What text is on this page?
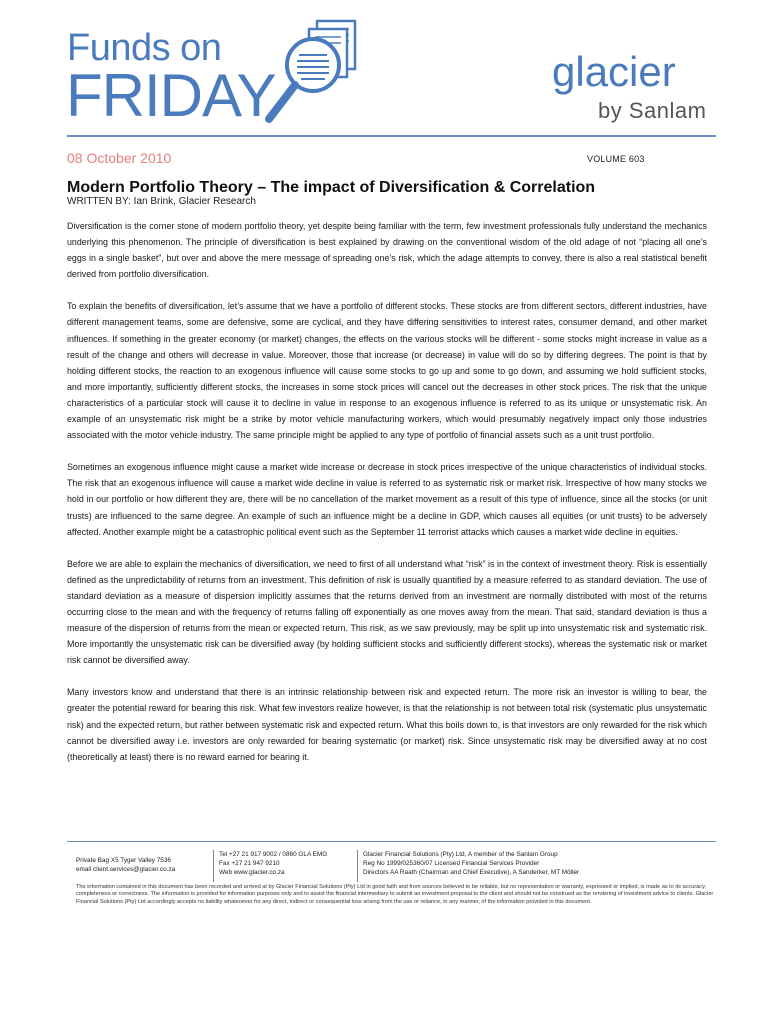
Funds on
FRIDAY	glacier
by Sanlam
08 October 2010	VOLUME 603
Modern Portfolio Theory – The impact of Diversification & Correlation
WRITTEN BY: Ian Brink, Glacier Research

Diversification is the corner stone of modern portfolio theory, yet despite being familiar with the term, few investment professionals fully understand the mechanics underlying this phenomenon. The principle of diversification is best explained by drawing on the conventional wisdom of the old adage of not “placing all one’s eggs in a single basket”, but over and above the mere message of spreading one’s risk, which the adage attempts to convey, there is also a real statistical benefit derived from portfolio diversification.

To explain the benefits of diversification, let’s assume that we have a portfolio of different stocks. These stocks are from different sectors, different industries, have different management teams, some are defensive, some are cyclical, and they have differing sensitivities to interest rates, consumer demand, and other market influences. If something in the greater economy (or market) changes, the effects on the various stocks will be different - some stocks might increase in value as a result of the change and others will decrease in value. Moreover, those that increase (or decrease) in value will do so by differing degrees. The point is that by holding different stocks, the reaction to an exogenous influence will cause some stocks to go up and some to go down, and assuming we hold sufficient stocks, and more importantly, sufficiently different stocks, the increases in some stock prices will cancel out the decreases in other stock prices. The risk that the unique characteristics of a particular stock will cause it to decline in value in response to an exogenous influence is referred to as its unique or unsystematic risk. An example of an unsystematic risk might be a strike by motor vehicle manufacturing workers, which would presumably negatively impact only those industries associated with the motor vehicle industry. The same principle might be applied to any type of portfolio of financial assets such as a unit trust portfolio.

Sometimes an exogenous influence might cause a market wide increase or decrease in stock prices irrespective of the unique characteristics of individual stocks. The risk that an exogenous influence will cause a market wide decline in value is referred to as systematic risk or market risk. Irrespective of how many stocks we hold in our portfolio or how different they are, there will be no cancellation of the market movement as a result of this type of influence, since all the stocks (or unit trusts) are influenced to the same degree. An example of such an influence might be a decline in GDP, which causes all equities (or unit trusts) to be adversely affected. Another example might be a catastrophic political event such as the September 11 terrorist attacks which causes a market wide decline in equities.

Before we are able to explain the mechanics of diversification, we need to first of all understand what “risk” is in the context of investment theory. Risk is essentially defined as the unpredictability of returns from an investment. This definition of risk is usually quantified by a measure referred to as standard deviation. The use of standard deviation as a measure of dispersion implicitly assumes that the returns derived from an investment are normally distributed with most of the returns occurring close to the mean and with the frequency of returns falling off exponentially as one moves away from the mean. That said, standard deviation is thus a measure of the dispersion of returns from the mean or expected return. This risk, as we saw previously, may be split up into unsystematic risk and systematic risk. More importantly the unsystematic risk can be diversified away (by holding sufficient stocks and sufficiently different stocks), whereas the systematic risk or market risk cannot be diversified away.

Many investors know and understand that there is an intrinsic relationship between risk and expected return. The more risk an investor is willing to bear, the greater the potential reward for bearing this risk. What few investors realize however, is that the relationship is not between total risk (systematic plus unsystematic risk) and the expected return, but rather between systematic risk and expected return. What this boils down to, is that investors are only rewarded for the risk which cannot be diversified away i.e. investors are only rewarded for bearing systematic (or market) risk. Since unsystematic risk may be diversified away at no cost (theoretically at least) there is no reward earned for bearing it.

Private Bag X5 Tyger Valley 7536
email client.services@glacier.co.za
Tel +27 21 917 9002 / 0860 GLA EMG
Fax +27 21 947 9210
Web www.glacier.co.za
Glacier Financial Solutions (Pty) Ltd, A member of the Sanlam Group
Reg No 1999/025360/07 Licensed Financial Services Provider
Directors AA Raath (Chairman and Chief Executive), A Sanderker, MT Möller
The information contained in this document has been recorded and arrived at by Glacier Financial Solutions (Pty) Ltd in good faith and from sources believed to be reliable, but no representation or warranty, expressed or implied, is made as to its accuracy, completeness or correctness. The information is provided for information purposes only and to assist the financial intermediary to submit an investment proposal to the client and should not be construed as the rendering of investment advice to clients. Glacier Financial Solutions (Pty) Ltd accordingly accepts no liability whatsoever for any direct, indirect or consequential loss arising from the use or reliance, in any manner, of the information provided in this document.
